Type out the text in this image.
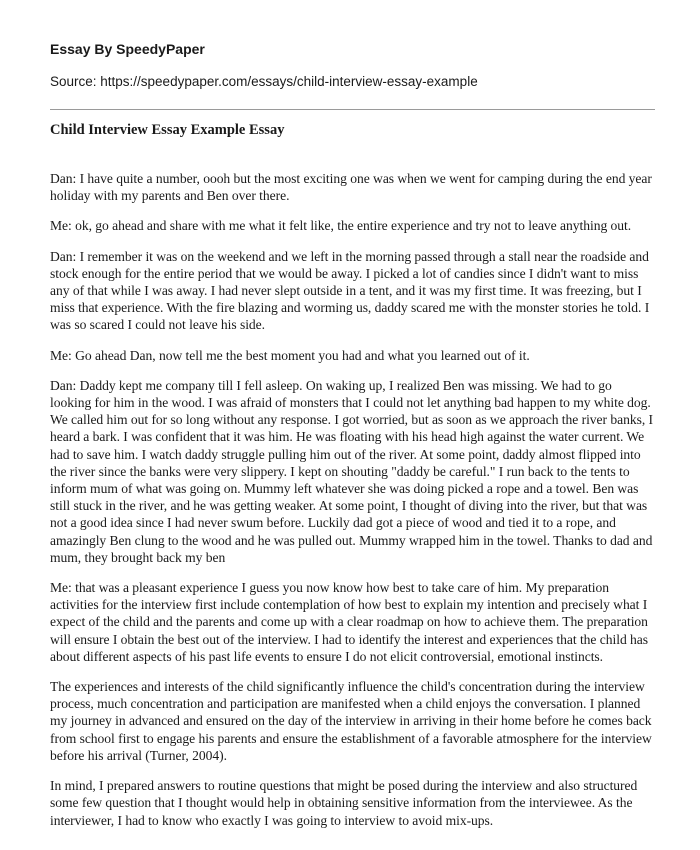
Essay By SpeedyPaper
Source: https://speedypaper.com/essays/child-interview-essay-example
Child Interview Essay Example Essay

Dan: I have quite a number, oooh but the most exciting one was when we went for camping during the end year holiday with my parents and Ben over there.

Me: ok, go ahead and share with me what it felt like, the entire experience and try not to leave anything out.

Dan: I remember it was on the weekend and we left in the morning passed through a stall near the roadside and stock enough for the entire period that we would be away. I picked a lot of candies since I didn't want to miss any of that while I was away. I had never slept outside in a tent, and it was my first time. It was freezing, but I miss that experience. With the fire blazing and worming us, daddy scared me with the monster stories he told. I was so scared I could not leave his side.

Me: Go ahead Dan, now tell me the best moment you had and what you learned out of it.

Dan: Daddy kept me company till I fell asleep. On waking up, I realized Ben was missing. We had to go looking for him in the wood. I was afraid of monsters that I could not let anything bad happen to my white dog. We called him out for so long without any response. I got worried, but as soon as we approach the river banks, I heard a bark. I was confident that it was him. He was floating with his head high against the water current. We had to save him. I watch daddy struggle pulling him out of the river. At some point, daddy almost flipped into the river since the banks were very slippery. I kept on shouting "daddy be careful." I run back to the tents to inform mum of what was going on. Mummy left whatever she was doing picked a rope and a towel. Ben was still stuck in the river, and he was getting weaker. At some point, I thought of diving into the river, but that was not a good idea since I had never swum before. Luckily dad got a piece of wood and tied it to a rope, and amazingly Ben clung to the wood and he was pulled out. Mummy wrapped him in the towel. Thanks to dad and mum, they brought back my ben

Me: that was a pleasant experience I guess you now know how best to take care of him. My preparation activities for the interview first include contemplation of how best to explain my intention and precisely what I expect of the child and the parents and come up with a clear roadmap on how to achieve them. The preparation will ensure I obtain the best out of the interview. I had to identify the interest and experiences that the child has about different aspects of his past life events to ensure I do not elicit controversial, emotional instincts.

The experiences and interests of the child significantly influence the child's concentration during the interview process, much concentration and participation are manifested when a child enjoys the conversation. I planned my journey in advanced and ensured on the day of the interview in arriving in their home before he comes back from school first to engage his parents and ensure the establishment of a favorable atmosphere for the interview before his arrival (Turner, 2004).

In mind, I prepared answers to routine questions that might be posed during the interview and also structured some few question that I thought would help in obtaining sensitive information from the interviewee. As the interviewer, I had to know who exactly I was going to interview to avoid mix-ups.
